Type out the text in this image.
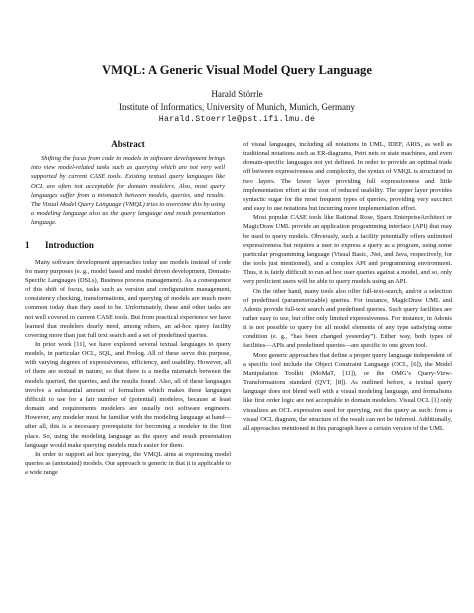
VMQL: A Generic Visual Model Query Language
Harald Störrle
Institute of Informatics, University of Munich, Munich, Germany
Harald.Stoerrle@pst.ifi.lmu.de
Abstract

Shifting the focus from code to models in software development brings into view model-related tasks such as querying which are not very well supported by current CASE tools. Existing textual query languages like OCL are often not acceptable for domain modelers. Also, most query languages suffer from a mismatch between models, queries, and results. The Visual Model Query Language (VMQL) tries to overcome this by using a modeling language also as the query language and result presentation language.

1 Introduction

Many software development approaches today use models instead of code for many purposes (e. g., model based and model driven development, Domain-Specific Languages (DSLs), Business process management). As a consequence of this shift of focus, tasks such as version and configuration management, consistency checking, transformations, and querying of models are much more common today than they used to be. Unfortunately, these and other tasks are not well covered in current CASE tools. But from practical experience we have learned that modelers dearly need, among others, an ad-hoc query facility covering more than just full text search and a set of predefined queries.

In prior work [11], we have explored several textual languages to query models, in particular OCL, SQL, and Prolog. All of these serve this purpose, with varying degrees of expressiveness, efficiency, and usability. However, all of them are textual in nature, so that there is a media mismatch between the models queried, the queries, and the results found. Also, all of these languages involve a substantial amount of formalism which makes these languages difficult to use for a fair number of (potential) modelers, because at least domain and requirements modelers are usually not software engineers. However, any modeler must be familiar with the modeling language at hand—after all, this is a necessary prerequisite for becoming a modeler in the first place. So, using the modeling language as the query and result presentation language would make querying models much easier for them.

In order to support ad hoc querying, the VMQL aims at expressing model queries as (annotated) models. Our approach is generic in that it is applicable to a wide range

of visual languages, including all notations in UML, IDEF, ARIS, as well as traditional notations such as ER-diagrams, Petri nets or state machines, and even domain-specific languages not yet defined. In order to provide an optimal trade off between expressiveness and complexity, the syntax of VMQL is structured in two layers. The lower layer providing full expressiveness and little implementation effort at the cost of reduced usability. The upper layer provides syntactic sugar for the most frequent types of queries, providing very succinct and easy to use notations but incurring more implementation effort.

Most popular CASE tools like Rational Rose, Sparx EnterpriseArchitect or MagicDraw UML provide an application programming interface (API) that may be used to query models. Obviously, such a facility potentially offers unlimited expressiveness but requires a user to express a query as a program, using some particular programming language (Visual Basic, .Net, and Java, respectively, for the tools just mentioned), and a complex API and programming environment. Thus, it is fairly difficult to run ad hoc user queries against a model, and so, only very proficient users will be able to query models using an API.

On the other hand, many tools also offer full-text-search, and/or a selection of predefined (parameterizable) queries. For instance, MagicDraw UML and Adonis provide full-text search and predefined queries. Such query facilities are rather easy to use, but offer only limited expressiveness. For instance, in Adonis it is not possible to query for all model elements of any type satisfying some condition (e. g., “has been changed yesterday”). Either way, both types of facilities—APIs and predefined queries—are specific to one given tool.

More generic approaches that define a proper query language independent of a specific tool include the Object Constraint Language (OCL, [6]), the Model Manipulation Toolkit (MoMaT, [11]), or the OMG’s Query-View-Transformations standard (QVT, [8]). As outlined before, a textual query language does not blend well with a visual modeling language, and formalisms like first order logic are not acceptable to domain modelers. Visual OCL [1] only visualizes an OCL expression used for querying, not the query as such: from a visual OCL diagram, the structure of the result can not be inferred. Additionally, all approaches mentioned in this paragraph have a certain version of the UML
